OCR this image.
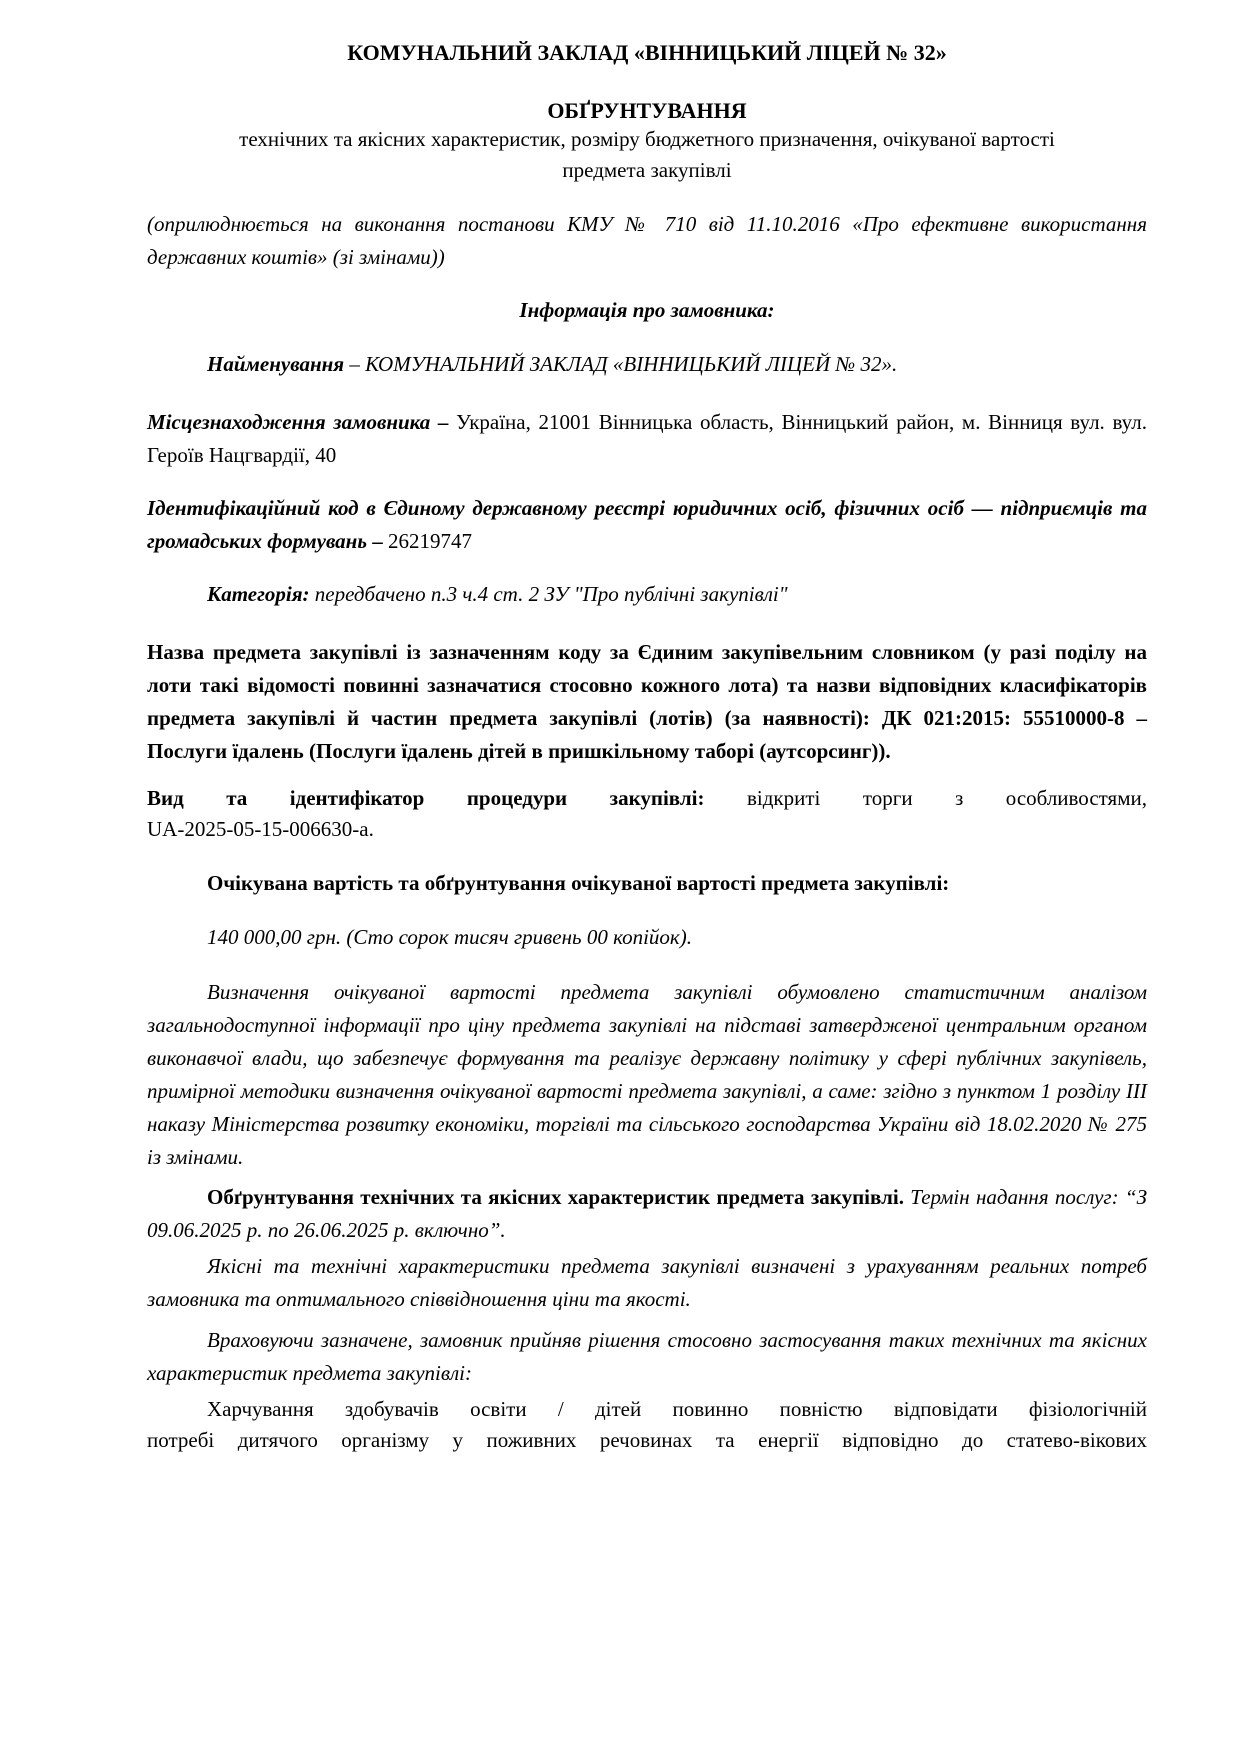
КОМУНАЛЬНИЙ ЗАКЛАД «ВІННИЦЬКИЙ ЛІЦЕЙ № 32»

ОБҐРУНТУВАННЯ

технічних та якісних характеристик, розміру бюджетного призначення, очікуваної вартості

предмета закупівлі

(оприлюднюється на виконання постанови КМУ № 710 від 11.10.2016 «Про ефективне використання державних коштів» (зі змінами))

Інформація про замовника:

Найменування – КОМУНАЛЬНИЙ ЗАКЛАД «ВІННИЦЬКИЙ ЛІЦЕЙ № 32».

Місцезнаходження замовника – Україна, 21001 Вінницька область, Вінницький район, м. Вінниця вул. вул. Героїв Нацгвардії, 40

Ідентифікаційний код в Єдиному державному реєстрі юридичних осіб, фізичних осіб — підприємців та громадських формувань – 26219747

Категорія: передбачено п.3 ч.4 ст. 2 ЗУ "Про публічні закупівлі"

Назва предмета закупівлі із зазначенням коду за Єдиним закупівельним словником (у разі поділу на лоти такі відомості повинні зазначатися стосовно кожного лота) та назви відповідних класифікаторів предмета закупівлі й частин предмета закупівлі (лотів) (за наявності): ДК 021:2015: 55510000-8 – Послуги їдалень (Послуги їдалень дітей в пришкільному таборі (аутсорсинг)).

Вид та ідентифікатор процедури закупівлі: відкриті торги з особливостями,

UA-2025-05-15-006630-a.

Очікувана вартість та обґрунтування очікуваної вартості предмета закупівлі:

140 000,00 грн. (Сто сорок тисяч гривень 00 копійок).

Визначення очікуваної вартості предмета закупівлі обумовлено статистичним аналізом загальнодоступної інформації про ціну предмета закупівлі на підставі затвердженої центральним органом виконавчої влади, що забезпечує формування та реалізує державну політику у сфері публічних закупівель, примірної методики визначення очікуваної вартості предмета закупівлі, а саме: згідно з пунктом 1 розділу ІІІ наказу Міністерства розвитку економіки, торгівлі та сільського господарства України від 18.02.2020 № 275 із змінами.

Обґрунтування технічних та якісних характеристик предмета закупівлі. Термін надання послуг: “З 09.06.2025 р. по 26.06.2025 р. включно”.

Якісні та технічні характеристики предмета закупівлі визначені з урахуванням реальних потреб замовника та оптимального співвідношення ціни та якості.

Враховуючи зазначене, замовник прийняв рішення стосовно застосування таких технічних та якісних характеристик предмета закупівлі:

Харчування здобувачів освіти / дітей повинно повністю відповідати фізіологічній

потребі дитячого організму у поживних речовинах та енергії відповідно до статево-вікових
